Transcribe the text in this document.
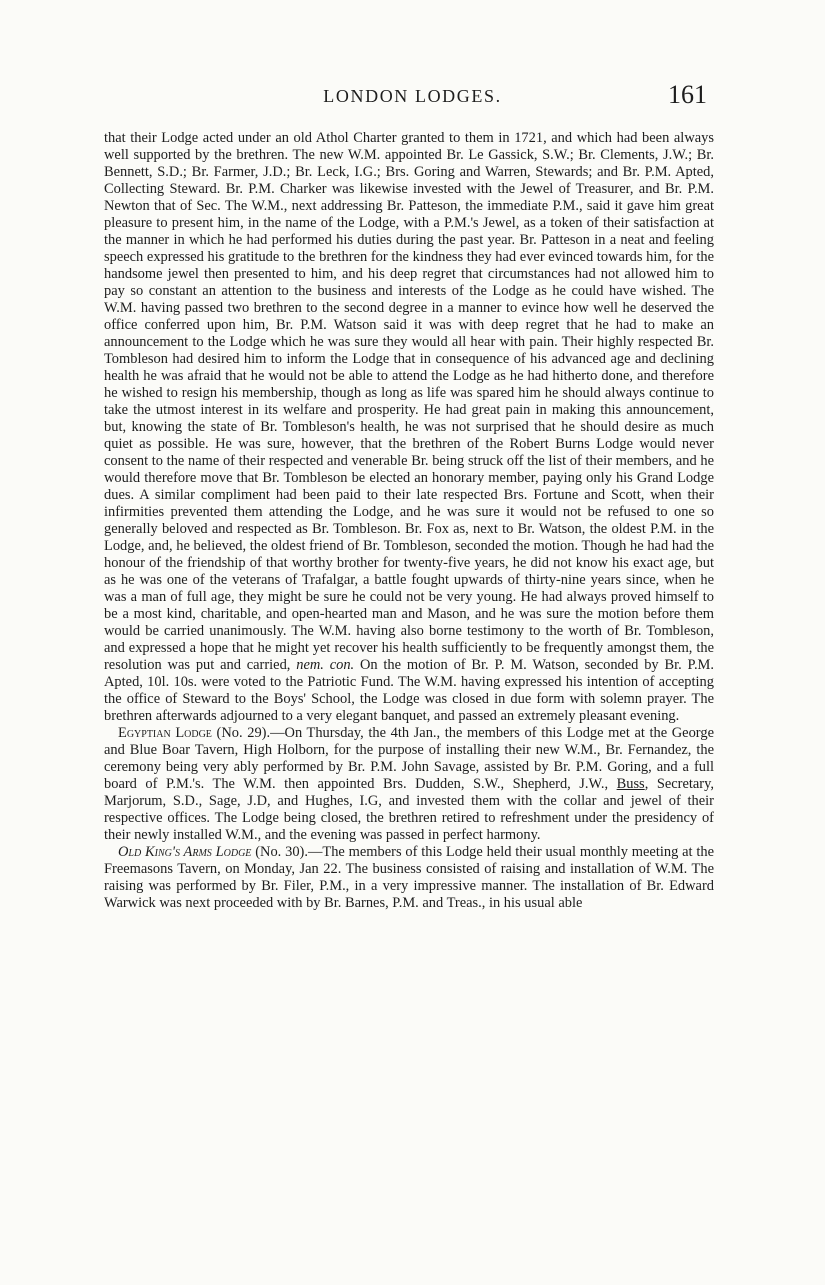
LONDON LODGES.	161

that their Lodge acted under an old Athol Charter granted to them in 1721, and which had been always well supported by the brethren. The new W.M. appointed Br. Le Gassick, S.W.; Br. Clements, J.W.; Br. Bennett, S.D.; Br. Farmer, J.D.; Br. Leck, I.G.; Brs. Goring and Warren, Stewards; and Br. P.M. Apted, Collecting Steward. Br. P.M. Charker was likewise invested with the Jewel of Treasurer, and Br. P.M. Newton that of Sec. The W.M., next addressing Br. Patteson, the immediate P.M., said it gave him great pleasure to present him, in the name of the Lodge, with a P.M.'s Jewel, as a token of their satisfaction at the manner in which he had performed his duties during the past year. Br. Patteson in a neat and feeling speech expressed his gratitude to the brethren for the kindness they had ever evinced towards him, for the handsome jewel then presented to him, and his deep regret that circumstances had not allowed him to pay so constant an attention to the business and interests of the Lodge as he could have wished. The W.M. having passed two brethren to the second degree in a manner to evince how well he deserved the office conferred upon him, Br. P.M. Watson said it was with deep regret that he had to make an announcement to the Lodge which he was sure they would all hear with pain. Their highly respected Br. Tombleson had desired him to inform the Lodge that in consequence of his advanced age and declining health he was afraid that he would not be able to attend the Lodge as he had hitherto done, and therefore he wished to resign his membership, though as long as life was spared him he should always continue to take the utmost interest in its welfare and prosperity. He had great pain in making this announcement, but, knowing the state of Br. Tombleson's health, he was not surprised that he should desire as much quiet as possible. He was sure, however, that the brethren of the Robert Burns Lodge would never consent to the name of their respected and venerable Br. being struck off the list of their members, and he would therefore move that Br. Tombleson be elected an honorary member, paying only his Grand Lodge dues. A similar compliment had been paid to their late respected Brs. Fortune and Scott, when their infirmities prevented them attending the Lodge, and he was sure it would not be refused to one so generally beloved and respected as Br. Tombleson. Br. Fox as, next to Br. Watson, the oldest P.M. in the Lodge, and, he believed, the oldest friend of Br. Tombleson, seconded the motion. Though he had had the honour of the friendship of that worthy brother for twenty-five years, he did not know his exact age, but as he was one of the veterans of Trafalgar, a battle fought upwards of thirty-nine years since, when he was a man of full age, they might be sure he could not be very young. He had always proved himself to be a most kind, charitable, and open-hearted man and Mason, and he was sure the motion before them would be carried unanimously. The W.M. having also borne testimony to the worth of Br. Tombleson, and expressed a hope that he might yet recover his health sufficiently to be frequently amongst them, the resolution was put and carried, nem. con. On the motion of Br. P. M. Watson, seconded by Br. P.M. Apted, 10l. 10s. were voted to the Patriotic Fund. The W.M. having expressed his intention of accepting the office of Steward to the Boys' School, the Lodge was closed in due form with solemn prayer. The brethren afterwards adjourned to a very elegant banquet, and passed an extremely pleasant evening.

Egyptian Lodge (No. 29).—On Thursday, the 4th Jan., the members of this Lodge met at the George and Blue Boar Tavern, High Holborn, for the purpose of installing their new W.M., Br. Fernandez, the ceremony being very ably performed by Br. P.M. John Savage, assisted by Br. P.M. Goring, and a full board of P.M.'s. The W.M. then appointed Brs. Dudden, S.W., Shepherd, J.W., Buss, Secretary, Marjorum, S.D., Sage, J.D, and Hughes, I.G, and invested them with the collar and jewel of their respective offices. The Lodge being closed, the brethren retired to refreshment under the presidency of their newly installed W.M., and the evening was passed in perfect harmony.

Old King's Arms Lodge (No. 30).—The members of this Lodge held their usual monthly meeting at the Freemasons Tavern, on Monday, Jan 22. The business consisted of raising and installation of W.M. The raising was performed by Br. Filer, P.M., in a very impressive manner. The installation of Br. Edward Warwick was next proceeded with by Br. Barnes, P.M. and Treas., in his usual able
